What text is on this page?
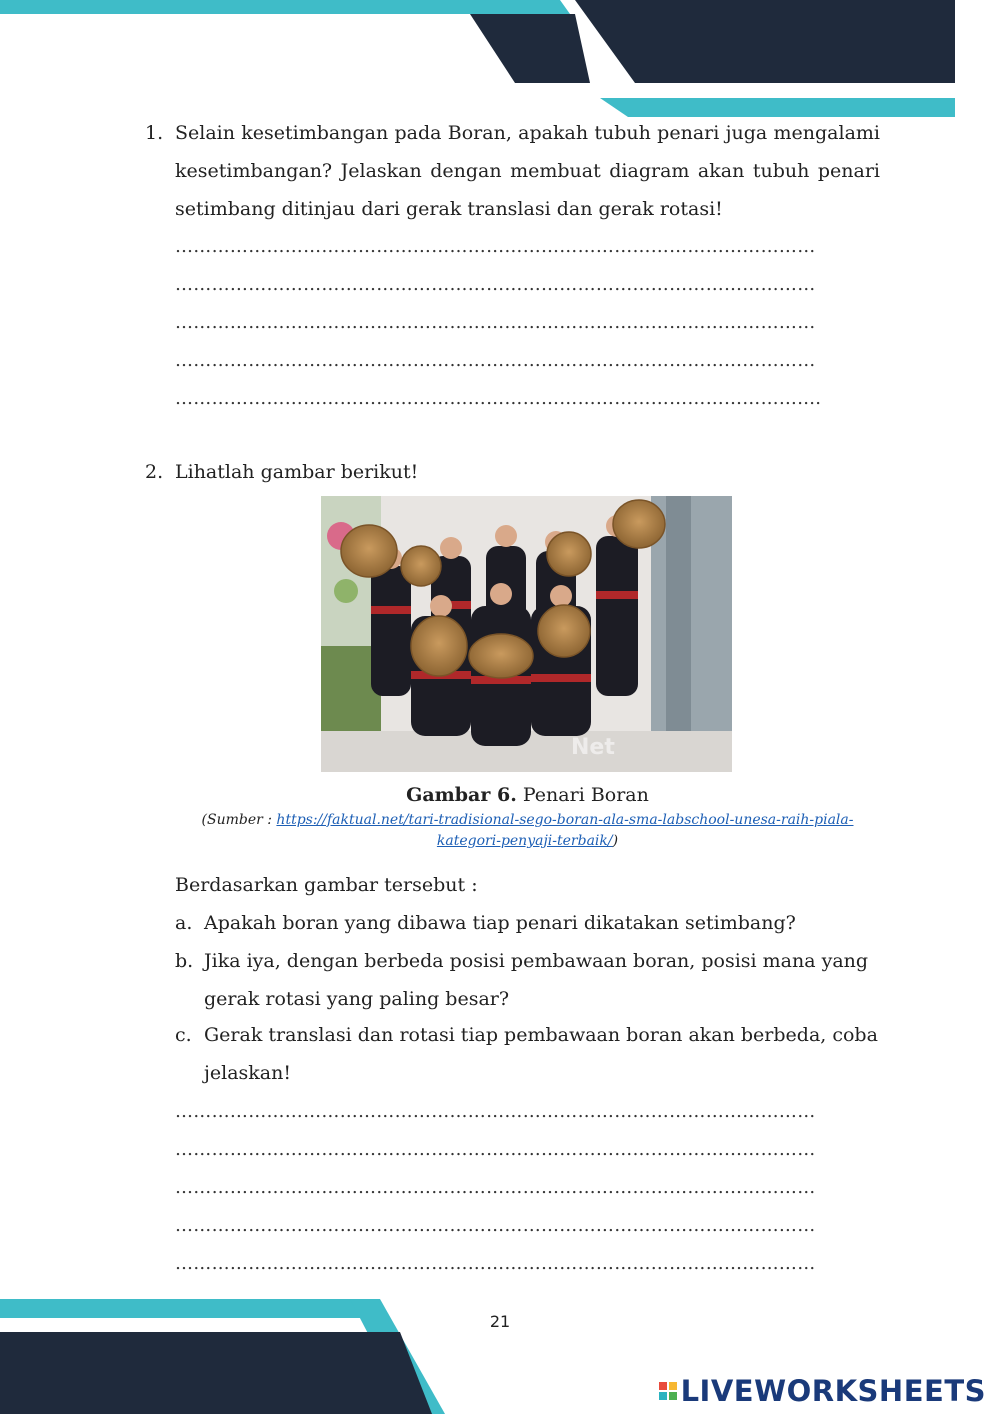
1. Selain kesetimbangan pada Boran, apakah tubuh penari juga mengalami kesetimbangan? Jelaskan dengan membuat diagram akan tubuh penari setimbang ditinjau dari gerak translasi dan gerak rotasi!
……………………………………………………………………………………………
……………………………………………………………………………………………
……………………………………………………………………………………………
……………………………………………………………………………………………
…………………………………………………………………………………………....
2. Lihatlah gambar berikut!
Net
Gambar 6. Penari Boran
(Sumber : https://faktual.net/tari-tradisional-sego-boran-ala-sma-labschool-unesa-raih-piala-kategori-penyaji-terbaik/)
Berdasarkan gambar tersebut :
a. Apakah boran yang dibawa tiap penari dikatakan setimbang?
b. Jika iya, dengan berbeda posisi pembawaan boran, posisi mana yang gerak rotasi yang paling besar?
c. Gerak translasi dan rotasi tiap pembawaan boran akan berbeda, coba jelaskan!
……………………………………………………………………………………………
……………………………………………………………………………………………
……………………………………………………………………………………………
……………………………………………………………………………………………
……………………………………………………………………………………………
21
LIVEWORKSHEETS
